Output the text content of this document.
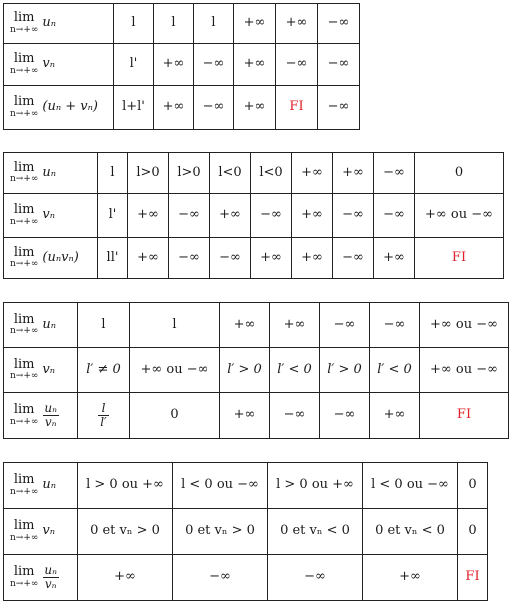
lim
n→+∞ uₙ	l	l	l	+∞	+∞	−∞

lim
n→+∞ vₙ	l'	+∞	−∞	+∞	−∞	−∞

lim
n→+∞ (uₙ + vₙ)	l+l'	+∞	−∞	+∞	FI	−∞
lim
n→+∞ uₙ	l	l>0	l>0	l<0	l<0	+∞	+∞	−∞	0

lim
n→+∞ vₙ	l'	+∞	−∞	+∞	−∞	+∞	−∞	−∞	+∞ ou −∞

lim
n→+∞ (uₙvₙ)	ll'	+∞	−∞	−∞	+∞	+∞	−∞	+∞	FI
lim
n→+∞ uₙ	l	l	+∞	+∞	−∞	−∞	+∞ ou −∞

lim
n→+∞ vₙ	l′ ≠ 0	+∞ ou −∞	l′ > 0	l′ < 0	l′ > 0	l′ < 0	+∞ ou −∞

lim
$n\to+\infty \frac{\text{uₙ}}{\text{vₙ}}$	$\frac{l}{l'}$	0	+∞	−∞	−∞	+∞	FI
lim
n→+∞ uₙ	l > 0 ou +∞	l < 0 ou −∞	l > 0 ou +∞	l < 0 ou −∞	0

lim
n→+∞ vₙ	0 et vₙ > 0	0 et vₙ > 0	0 et vₙ < 0	0 et vₙ < 0	0

lim
$n\to+\infty \frac{\text{uₙ}}{\text{vₙ}}$	+∞	−∞	−∞	+∞	FI
